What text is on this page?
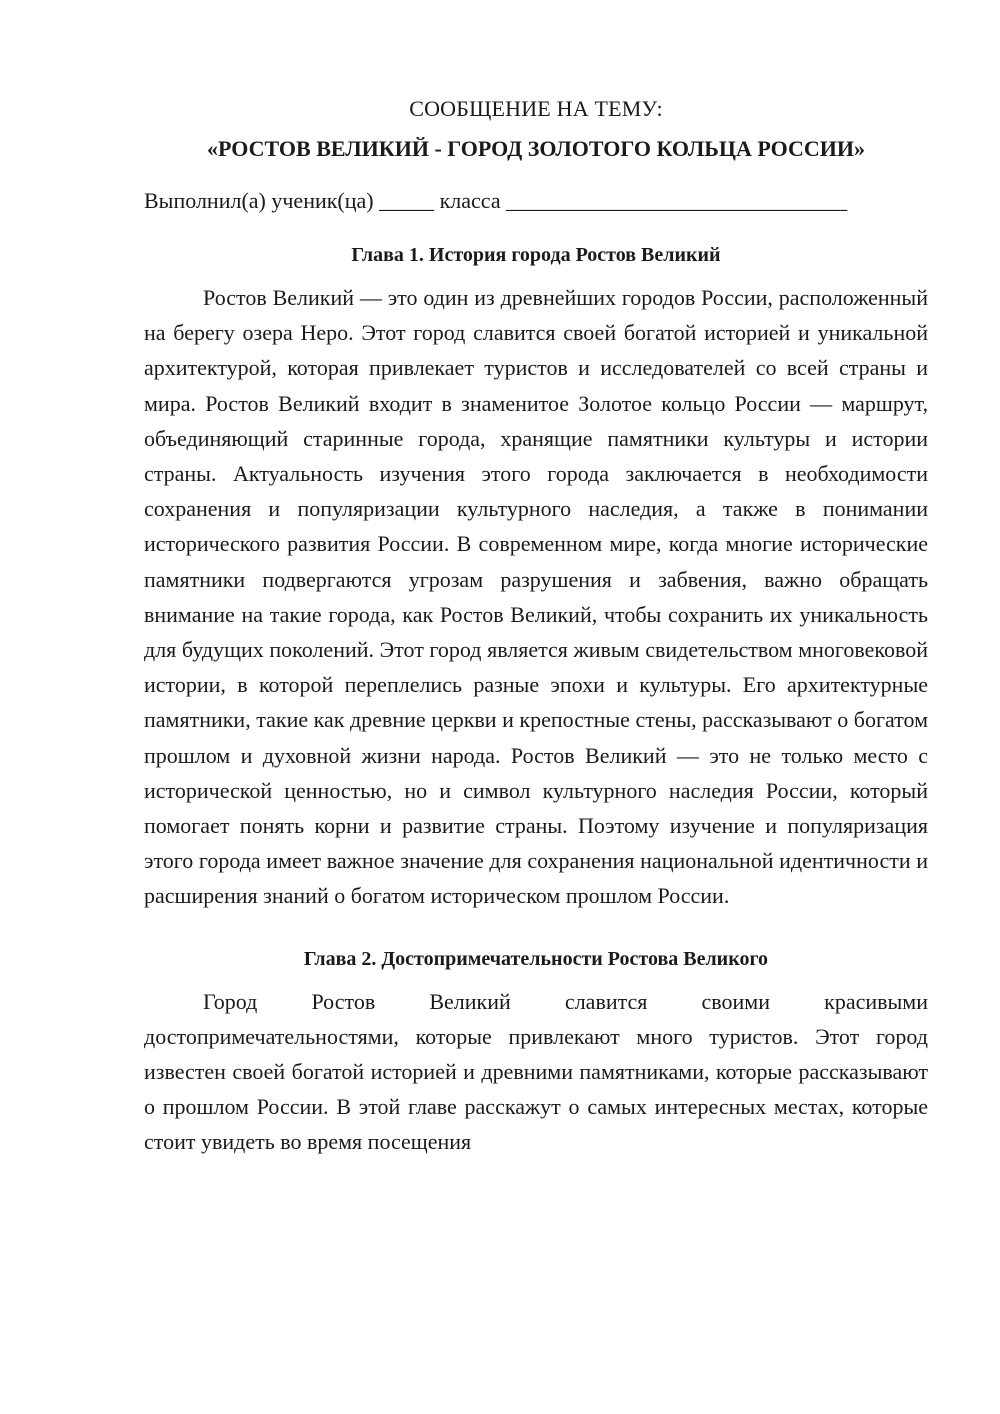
СООБЩЕНИЕ НА ТЕМУ:
«РОСТОВ ВЕЛИКИЙ - ГОРОД ЗОЛОТОГО КОЛЬЦА РОССИИ»
Выполнил(а) ученик(ца) _____ класса _______________________________
Глава 1. История города Ростов Великий

Ростов Великий — это один из древнейших городов России, расположенный на берегу озера Неро. Этот город славится своей богатой историей и уникальной архитектурой, которая привлекает туристов и исследователей со всей страны и мира. Ростов Великий входит в знаменитое Золотое кольцо России — маршрут, объединяющий старинные города, хранящие памятники культуры и истории страны. Актуальность изучения этого города заключается в необходимости сохранения и популяризации культурного наследия, а также в понимании исторического развития России. В современном мире, когда многие исторические памятники подвергаются угрозам разрушения и забвения, важно обращать внимание на такие города, как Ростов Великий, чтобы сохранить их уникальность для будущих поколений. Этот город является живым свидетельством многовековой истории, в которой переплелись разные эпохи и культуры. Его архитектурные памятники, такие как древние церкви и крепостные стены, рассказывают о богатом прошлом и духовной жизни народа. Ростов Великий — это не только место с исторической ценностью, но и символ культурного наследия России, который помогает понять корни и развитие страны. Поэтому изучение и популяризация этого города имеет важное значение для сохранения национальной идентичности и расширения знаний о богатом историческом прошлом России.

Глава 2. Достопримечательности Ростова Великого

Город Ростов Великий славится своими красивыми достопримечательностями, которые привлекают много туристов. Этот город известен своей богатой историей и древними памятниками, которые рассказывают о прошлом России. В этой главе расскажут о самых интересных местах, которые стоит увидеть во время посещения
